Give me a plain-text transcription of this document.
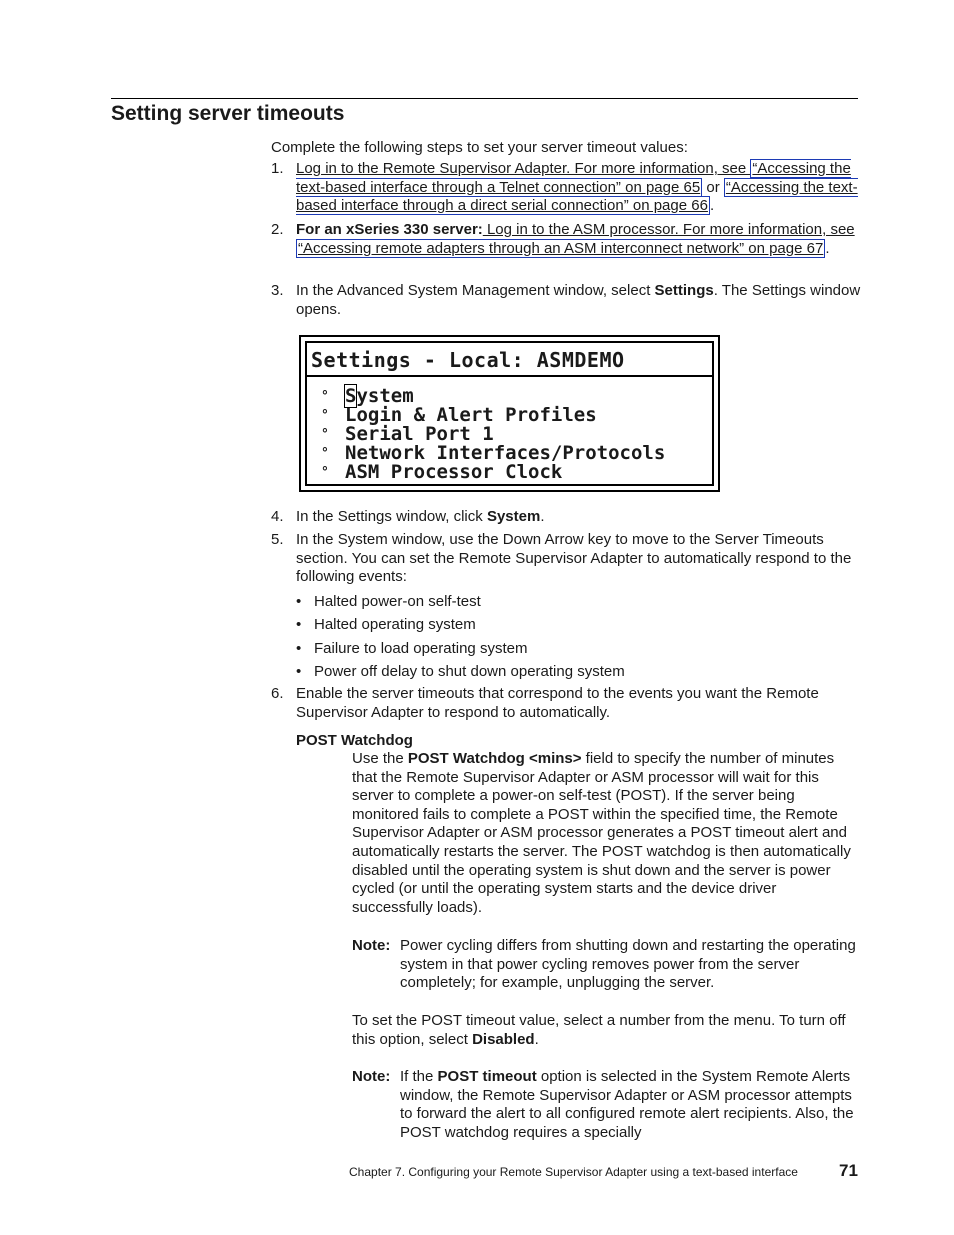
Setting server timeouts
Complete the following steps to set your server timeout values:
1. Log in to the Remote Supervisor Adapter. For more information, see “Accessing the text-based interface through a Telnet connection” on page 65 or “Accessing the text-based interface through a direct serial connection” on page 66 .
2. For an xSeries 330 server: Log in to the ASM processor. For more information, see “Accessing remote adapters through an ASM interconnect network” on page 67 .
3. In the Advanced System Management window, select Settings. The Settings window opens.
Settings - Local: ASMDEMO
° System
° Login & Alert Profiles
° Serial Port 1
° Network Interfaces/Protocols
° ASM Processor Clock
4. In the Settings window, click System.
5. In the System window, use the Down Arrow key to move to the Server Timeouts section. You can set the Remote Supervisor Adapter to automatically respond to the following events:
• Halted power-on self-test
• Halted operating system
• Failure to load operating system
• Power off delay to shut down operating system
6. Enable the server timeouts that correspond to the events you want the Remote Supervisor Adapter to respond to automatically.
POST Watchdog
Use the POST Watchdog <mins> field to specify the number of minutes that the Remote Supervisor Adapter or ASM processor will wait for this server to complete a power-on self-test (POST). If the server being monitored fails to complete a POST within the specified time, the Remote Supervisor Adapter or ASM processor generates a POST timeout alert and automatically restarts the server. The POST watchdog is then automatically disabled until the operating system is shut down and the server is power cycled (or until the operating system starts and the device driver successfully loads).
Note: Power cycling differs from shutting down and restarting the operating system in that power cycling removes power from the server completely; for example, unplugging the server.
To set the POST timeout value, select a number from the menu. To turn off this option, select Disabled.
Note: If the POST timeout option is selected in the System Remote Alerts window, the Remote Supervisor Adapter or ASM processor attempts to forward the alert to all configured remote alert recipients. Also, the POST watchdog requires a specially
Chapter 7. Configuring your Remote Supervisor Adapter using a text-based interface 71
